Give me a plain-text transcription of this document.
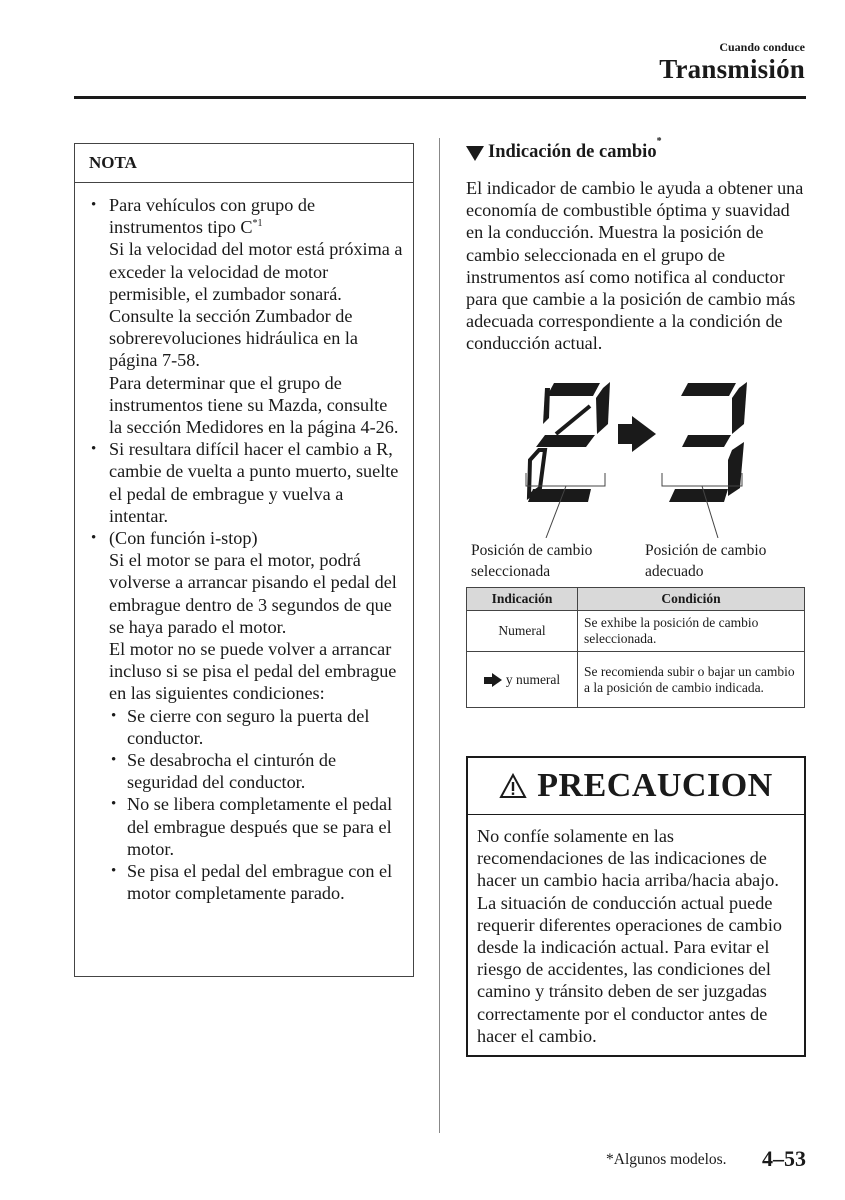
Cuando conduce
Transmisión
NOTA

• Para vehículos con grupo de instrumentos tipo $C^{*1}$

Si la velocidad del motor está próxima a exceder la velocidad de motor permisible, el zumbador sonará.

Consulte la sección Zumbador de sobrerevoluciones hidráulica en la página 7-58.

Para determinar que el grupo de instrumentos tiene su Mazda, consulte la sección Medidores en la página 4-26.

• Si resultara difícil hacer el cambio a R, cambie de vuelta a punto muerto, suelte el pedal de embrague y vuelva a intentar.

• (Con función i-stop)

Si el motor se para el motor, podrá volverse a arrancar pisando el pedal del embrague dentro de 3 segundos de que se haya parado el motor.

El motor no se puede volver a arrancar incluso si se pisa el pedal del embrague en las siguientes condiciones:

• Se cierre con seguro la puerta del conductor.

• Se desabrocha el cinturón de seguridad del conductor.

• No se libera completamente el pedal del embrague después que se para el motor.

• Se pisa el pedal del embrague con el motor completamente parado.

Indicación de cambio
*
El indicador de cambio le ayuda a obtener una economía de combustible óptima y suavidad en la conducción. Muestra la posición de cambio seleccionada en el grupo de instrumentos así como notifica al conductor para que cambie a la posición de cambio más adecuada correspondiente a la condición de conducción actual.
Posición de cambio seleccionada
Posición de cambio adecuado
Indicación	Condición
Numeral	Se exhibe la posición de cambio seleccionada.

y numeral	Se recomienda subir o bajar un cambio a la posición de cambio indicada.
PRECAUCION
No confíe solamente en las recomendaciones de las indicaciones de hacer un cambio hacia arriba/hacia abajo. La situación de conducción actual puede requerir diferentes operaciones de cambio desde la indicación actual. Para evitar el riesgo de accidentes, las condiciones del camino y tránsito deben de ser juzgadas correctamente por el conductor antes de hacer el cambio.
*Algunos modelos. 4–53
